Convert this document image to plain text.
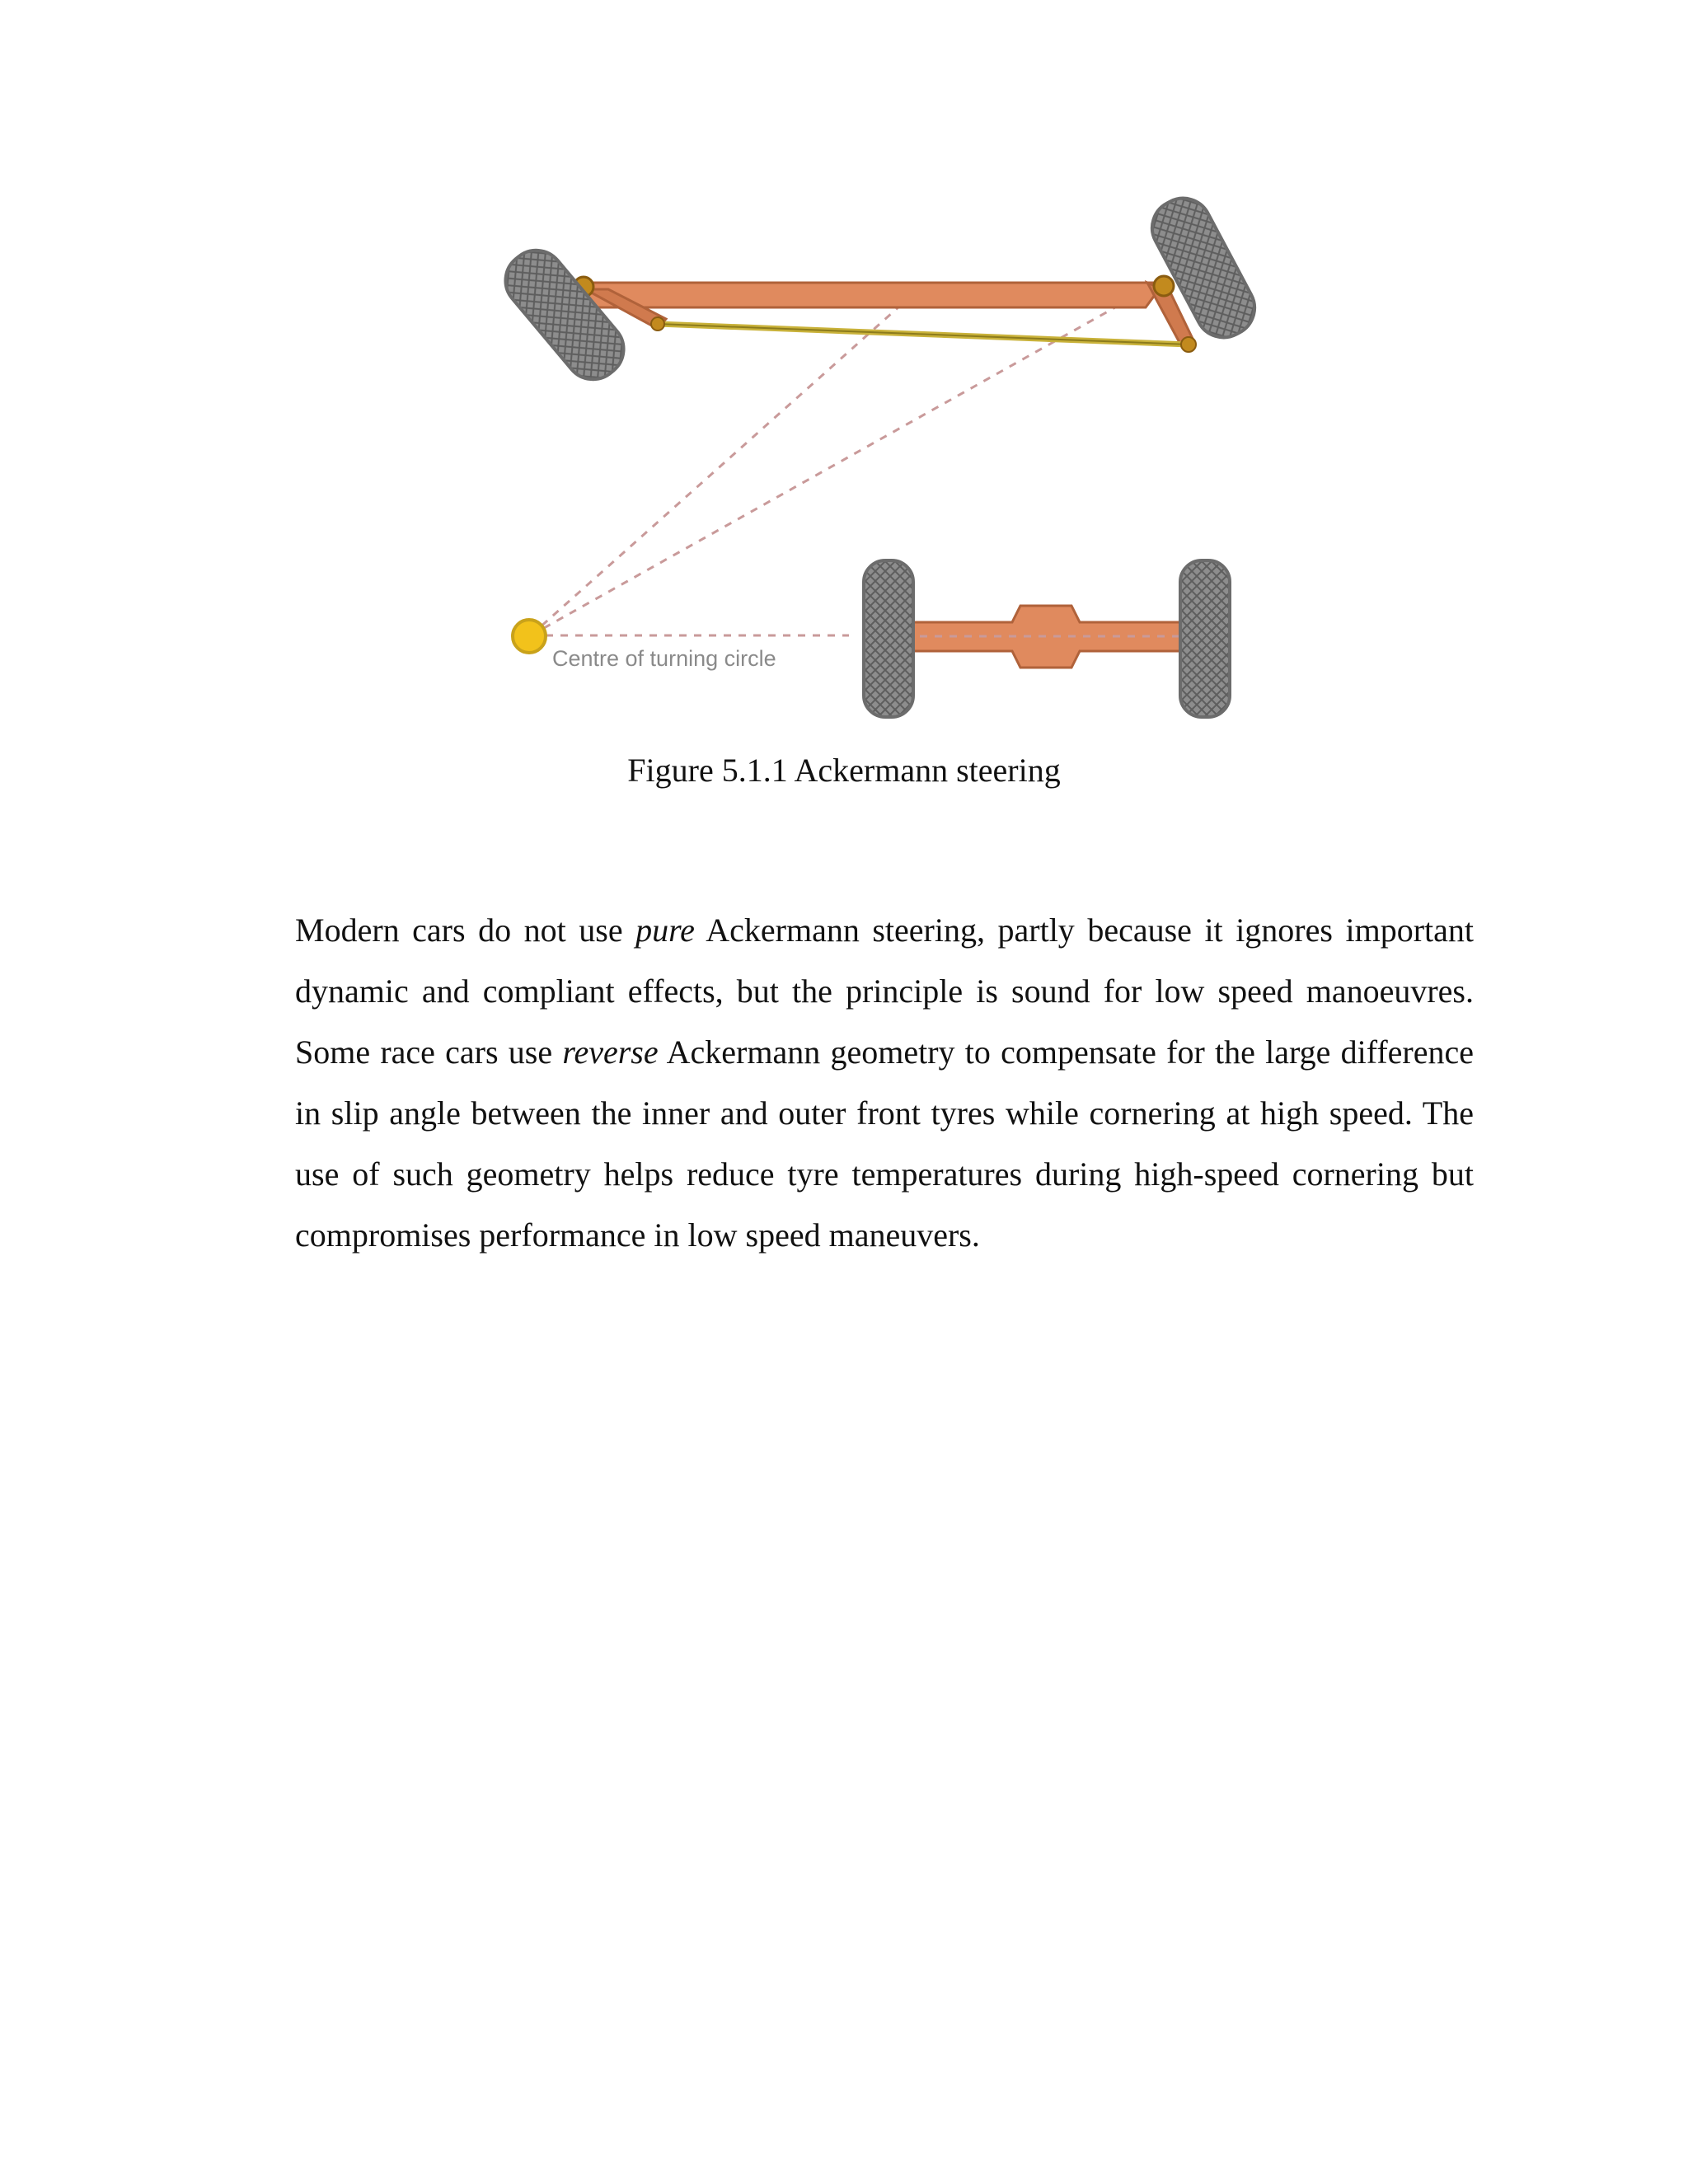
Centre of turning circle
Figure 5.1.1 Ackermann steering

Modern cars do not use pure Ackermann steering, partly because it ignores important dynamic and compliant effects, but the principle is sound for low speed manoeuvres. Some race cars use reverse Ackermann geometry to compensate for the large difference in slip angle between the inner and outer front tyres while cornering at high speed. The use of such geometry helps reduce tyre temperatures during high-speed cornering but compromises performance in low speed maneuvers.
